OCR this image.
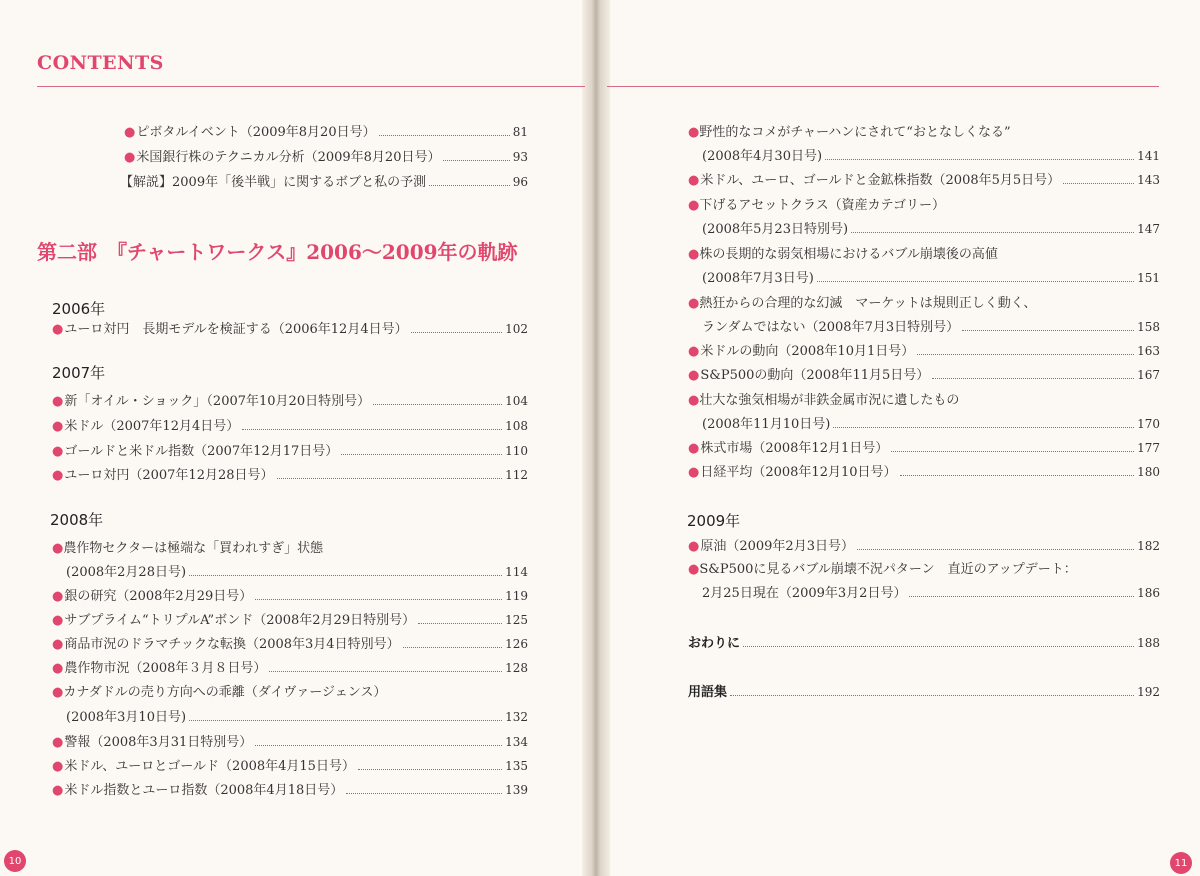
CONTENTS
● ピボタルイベント（2009年8月20日号）	81
● 米国銀行株のテクニカル分析（2009年8月20日号）	93
【解説】2009年「後半戦」に関するボブと私の予測	96
第二部　『チャートワークス』2006～2009年の軌跡
2006年
● ユーロ対円　長期モデルを検証する（2006年12月4日号）	102
2007年
● 新「オイル・ショック」（2007年10月20日特別号）	104
● 米ドル（2007年12月4日号）	108
● ゴールドと米ドル指数（2007年12月17日号）	110
● ユーロ対円（2007年12月28日号）	112
2008年
●農作物セクターは極端な「買われすぎ」状態
(2008年2月28日号)	114
● 銀の研究（2008年2月29日号）	119
● サブプライム“トリプルA”ボンド（2008年2月29日特別号）	125
● 商品市況のドラマチックな転換（2008年3月4日特別号）	126
● 農作物市況（2008年３月８日号）	128
●カナダドルの売り方向への乖離（ダイヴァージェンス）
(2008年3月10日号)	132
● 警報（2008年3月31日特別号）	134
● 米ドル、ユーロとゴールド（2008年4月15日号）	135
● 米ドル指数とユーロ指数（2008年4月18日号）	139
10
●野性的なコメがチャーハンにされて“おとなしくなる”
(2008年4月30日号)	141
● 米ドル、ユーロ、ゴールドと金鉱株指数（2008年5月5日号）	143
●下げるアセットクラス（資産カテゴリー）
(2008年5月23日特別号)	147
●株の長期的な弱気相場におけるバブル崩壊後の高値
(2008年7月3日号)	151
●熱狂からの合理的な幻滅　マーケットは規則正しく動く、
ランダムではない（2008年7月3日特別号）	158
● 米ドルの動向（2008年10月1日号）	163
● S&P500の動向（2008年11月5日号）	167
●壮大な強気相場が非鉄金属市況に遺したもの
(2008年11月10日号)	170
● 株式市場（2008年12月1日号）	177
● 日経平均（2008年12月10日号）	180
2009年
● 原油（2009年2月3日号）	182
●S&P500に見るバブル崩壊不況パターン　直近のアップデート：
2月25日現在（2009年3月2日号）	186
おわりに	188
用語集	192
11
